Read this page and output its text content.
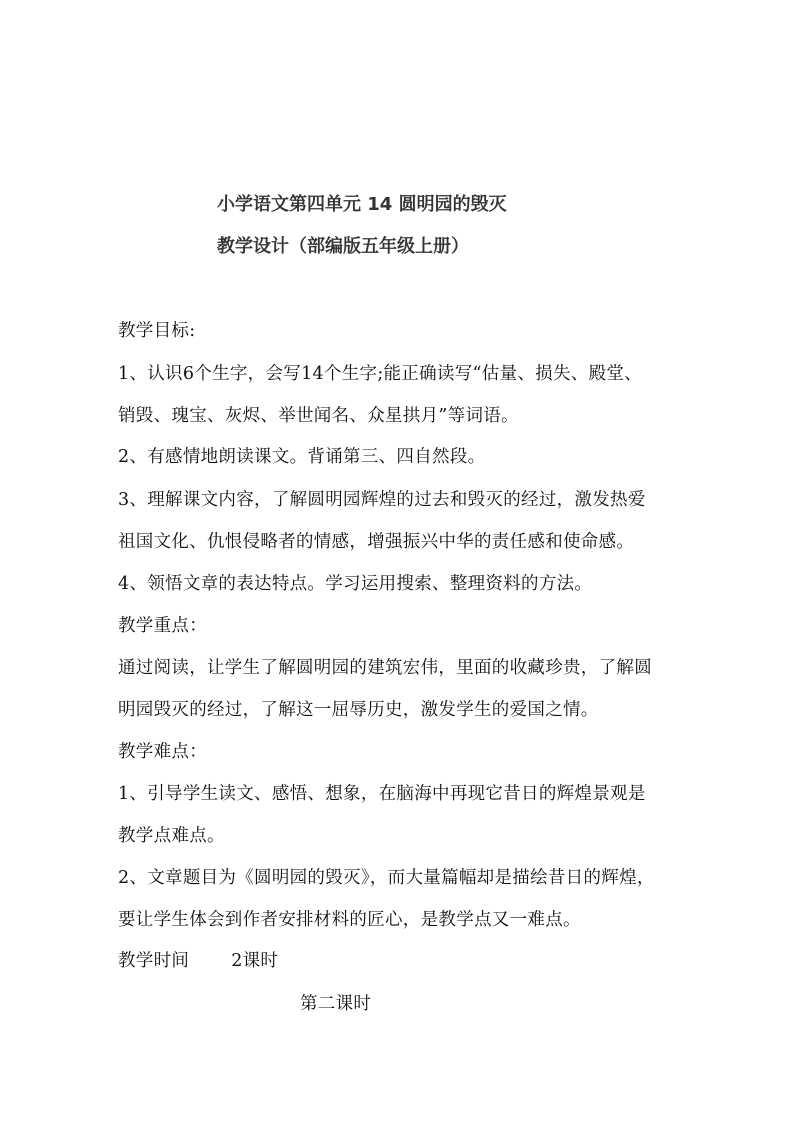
小学语文第四单元 14 圆明园的毁灭
教学设计（部编版五年级上册）
教学目标:
1、认识6个生字，会写14个生字;能正确读写“估量、损失、殿堂、
销毁、瑰宝、灰烬、举世闻名、众星拱月”等词语。
2、有感情地朗读课文。背诵第三、四自然段。
3、理解课文内容，了解圆明园辉煌的过去和毁灭的经过，激发热爱
祖国文化、仇恨侵略者的情感，增强振兴中华的责任感和使命感。
4、领悟文章的表达特点。学习运用搜索、整理资料的方法。
教学重点：
通过阅读，让学生了解圆明园的建筑宏伟，里面的收藏珍贵，了解圆
明园毁灭的经过，了解这一屈辱历史，激发学生的爱国之情。
教学难点：
1、引导学生读文、感悟、想象，在脑海中再现它昔日的辉煌景观是
教学点难点。
2、文章题目为《圆明园的毁灭》，而大量篇幅却是描绘昔日的辉煌，
要让学生体会到作者安排材料的匠心，是教学点又一难点。
教学时间 2课时
第二课时
